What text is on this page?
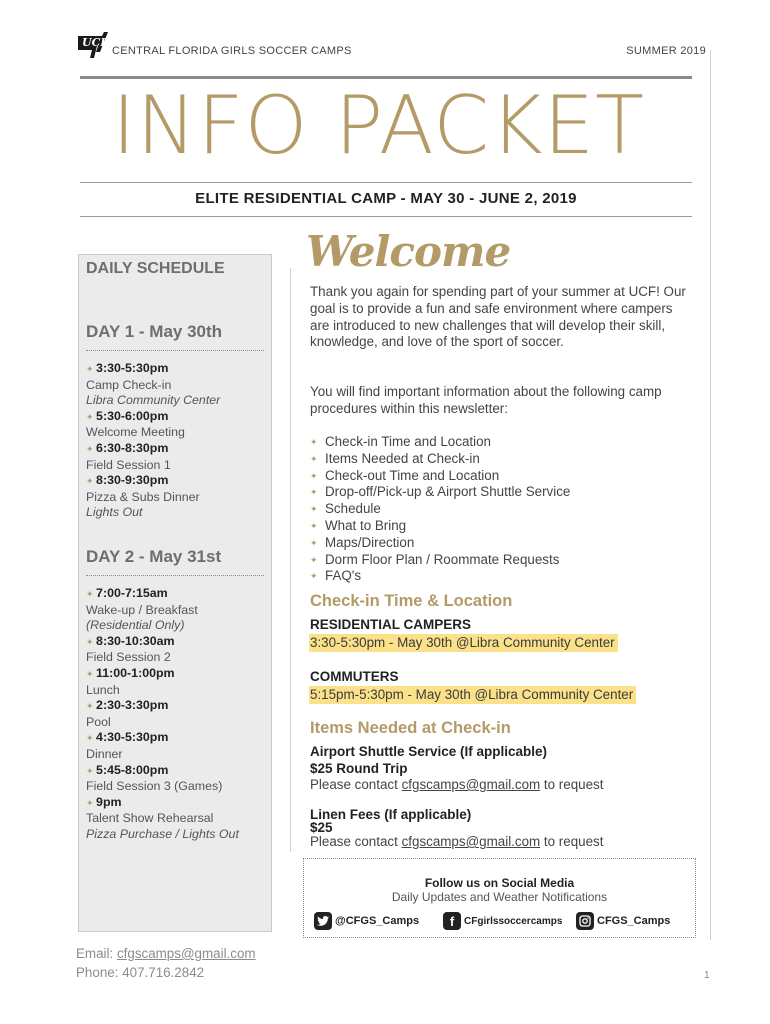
UCF
CENTRAL FLORIDA GIRLS SOCCER CAMPS	SUMMER 2019
INFO PACKET
ELITE RESIDENTIAL CAMP - MAY 30 - JUNE 2, 2019
DAILY SCHEDULE
DAY 1 - May 30th
✦ 3:30-5:30pm
Camp Check-in
Libra Community Center
✦ 5:30-6:00pm
Welcome Meeting
✦ 6:30-8:30pm
Field Session 1
✦ 8:30-9:30pm
Pizza & Subs Dinner
Lights Out
DAY 2 - May 31st
✦ 7:00-7:15am
Wake-up / Breakfast
(Residential Only)
✦ 8:30-10:30am
Field Session 2
✦ 11:00-1:00pm
Lunch
✦ 2:30-3:30pm
Pool
✦ 4:30-5:30pm
Dinner
✦ 5:45-8:00pm
Field Session 3 (Games)
✦ 9pm
Talent Show Rehearsal
Pizza Purchase / Lights Out
Welcome

Thank you again for spending part of your summer at UCF! Our goal is to provide a fun and safe environment where campers are introduced to new challenges that will develop their skill, knowledge, and love of the sport of soccer.

You will find important information about the following camp procedures within this newsletter:

✦ Check-in Time and Location
✦ Items Needed at Check-in
✦ Check-out Time and Location
✦ Drop-off/Pick-up & Airport Shuttle Service
✦ Schedule
✦ What to Bring
✦ Maps/Direction
✦ Dorm Floor Plan / Roommate Requests
✦ FAQ's
Check-in Time & Location
RESIDENTIAL CAMPERS
3:30-5:30pm - May 30th @Libra Community Center
COMMUTERS
5:15pm-5:30pm - May 30th @Libra Community Center
Items Needed at Check-in
Airport Shuttle Service (If applicable)
$25 Round Trip
Please contact cfgscamps@gmail.com to request
Linen Fees (If applicable)
$25
Please contact cfgscamps@gmail.com to request
Follow us on Social Media
Daily Updates and Weather Notifications
@CFGS_Camps	f CFgirlssoccercamps	CFGS_Camps
Email: cfgscamps@gmail.com
Phone: 407.716.2842	1
